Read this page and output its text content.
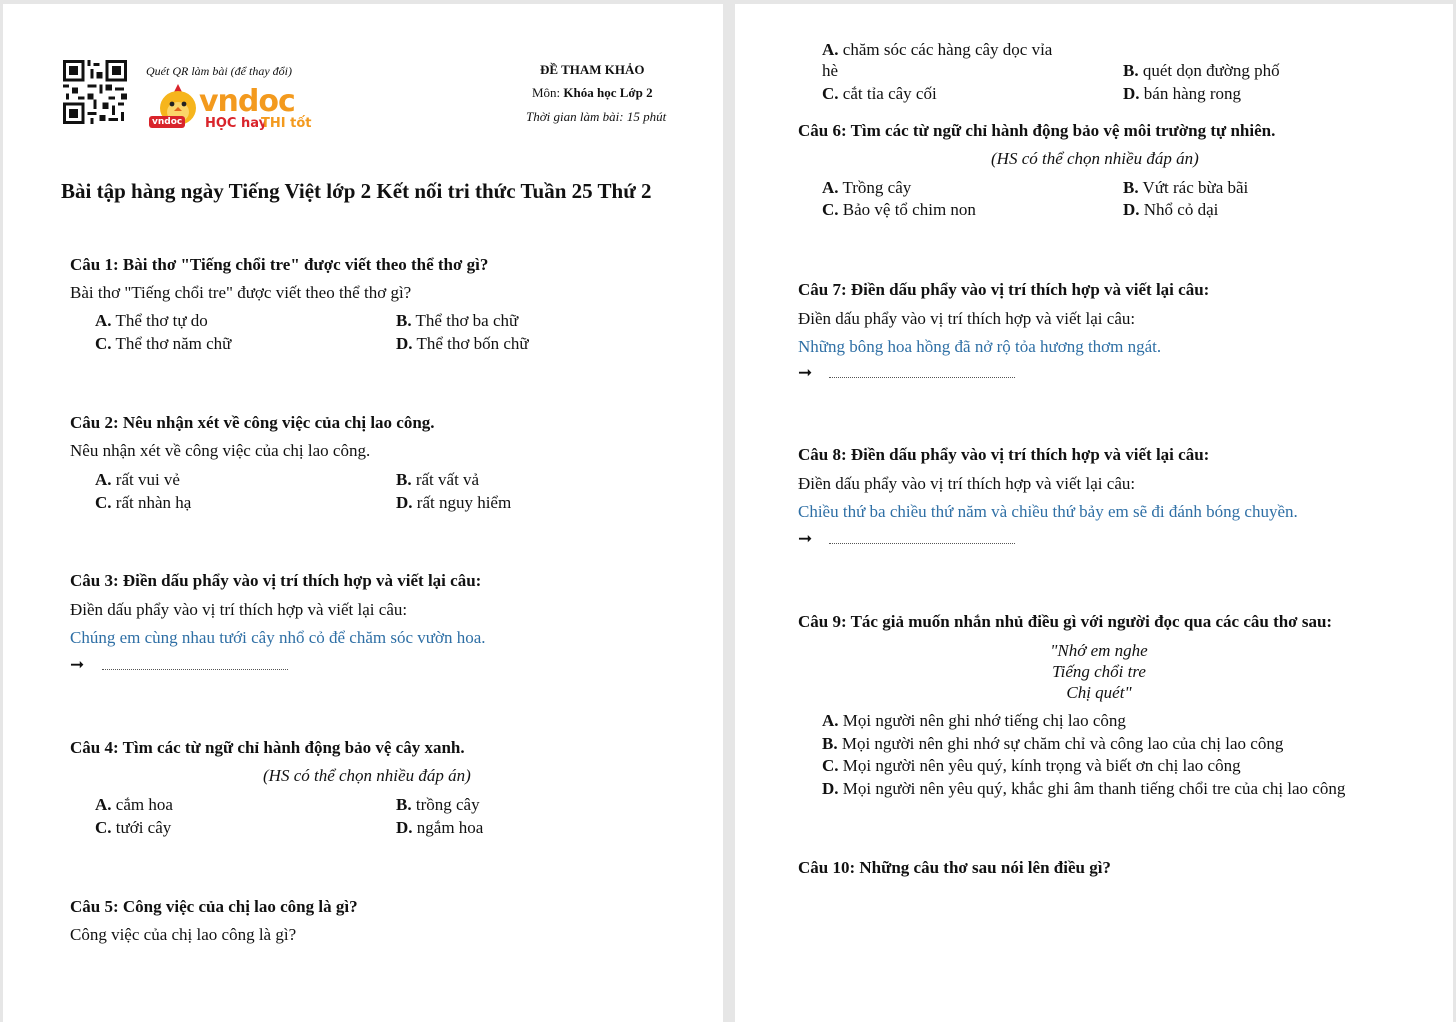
Quét QR làm bài (để thay đổi)
vndoc
vndoc HỌC hay
THI tốt
ĐỀ THAM KHẢO
Môn: Khóa học Lớp 2
Thời gian làm bài: 15 phút
Bài tập hàng ngày Tiếng Việt lớp 2 Kết nối tri thức Tuần 25 Thứ 2
Câu 1: Bài thơ "Tiếng chổi tre" được viết theo thể thơ gì?
Bài thơ "Tiếng chổi tre" được viết theo thể thơ gì?
A. Thể thơ tự do	B. Thể thơ ba chữ
C. Thể thơ năm chữ	D. Thể thơ bốn chữ
Câu 2: Nêu nhận xét về công việc của chị lao công.
Nêu nhận xét về công việc của chị lao công.
A. rất vui vẻ	B. rất vất vả
C. rất nhàn hạ	D. rất nguy hiểm
Câu 3: Điền dấu phẩy vào vị trí thích hợp và viết lại câu:
Điền dấu phẩy vào vị trí thích hợp và viết lại câu:
Chúng em cùng nhau tưới cây nhổ cỏ để chăm sóc vườn hoa.
➞
Câu 4: Tìm các từ ngữ chỉ hành động bảo vệ cây xanh.
(HS có thể chọn nhiều đáp án)
A. cắm hoa	B. trồng cây
C. tưới cây	D. ngắm hoa
Câu 5: Công việc của chị lao công là gì?
Công việc của chị lao công là gì?
A. chăm sóc các hàng cây dọc vỉa
hè	B. quét dọn đường phố
C. cắt tỉa cây cối	D. bán hàng rong
Câu 6: Tìm các từ ngữ chỉ hành động bảo vệ môi trường tự nhiên.
(HS có thể chọn nhiều đáp án)
A. Trồng cây	B. Vứt rác bừa bãi
C. Bảo vệ tổ chim non	D. Nhổ cỏ dại
Câu 7: Điền dấu phẩy vào vị trí thích hợp và viết lại câu:
Điền dấu phẩy vào vị trí thích hợp và viết lại câu:
Những bông hoa hồng đã nở rộ tỏa hương thơm ngát.
➞
Câu 8: Điền dấu phẩy vào vị trí thích hợp và viết lại câu:
Điền dấu phẩy vào vị trí thích hợp và viết lại câu:
Chiều thứ ba chiều thứ năm và chiều thứ bảy em sẽ đi đánh bóng chuyền.
➞
Câu 9: Tác giả muốn nhắn nhủ điều gì với người đọc qua các câu thơ sau:
"Nhớ em nghe
Tiếng chổi tre
Chị quét"
A. Mọi người nên ghi nhớ tiếng chị lao công
B. Mọi người nên ghi nhớ sự chăm chỉ và công lao của chị lao công
C. Mọi người nên yêu quý, kính trọng và biết ơn chị lao công
D. Mọi người nên yêu quý, khắc ghi âm thanh tiếng chổi tre của chị lao công
Câu 10: Những câu thơ sau nói lên điều gì?
